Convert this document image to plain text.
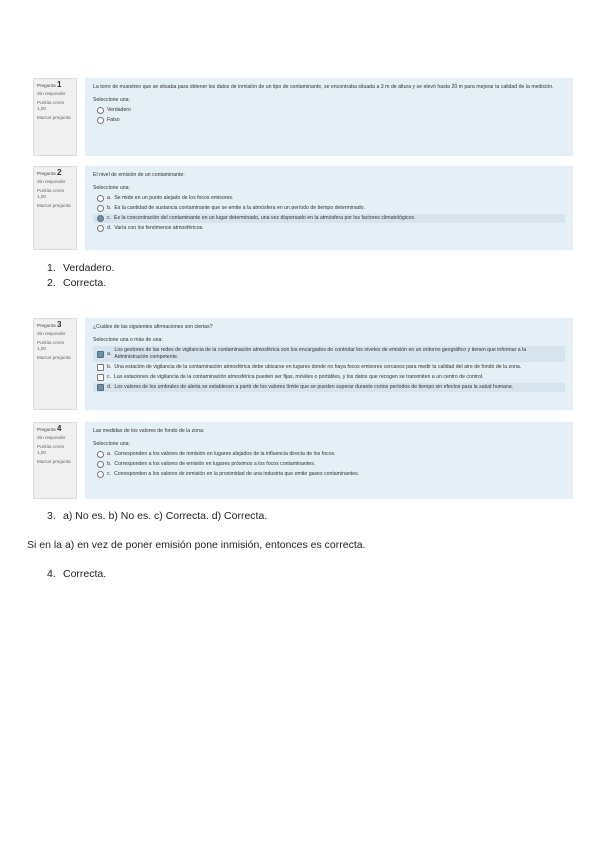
Pregunta 1
Sin responder
Puntúa como 1,00
Marcar pregunta
La torre de muestreo que se situaba para obtener los datos de inmisión de un tipo de contaminante, se encontraba situada a 3 m de altura y se elevó hasta 20 m para mejorar la calidad de la medición.
Seleccione una:
Verdadero
Falso
Pregunta 2
Sin responder
Puntúa como 1,00
Marcar pregunta
El nivel de emisión de un contaminante:
Seleccione una:
a. Se mide en un punto alejado de los focos emisores.
b. Es la cantidad de sustancia contaminante que se emite a la atmósfera en un período de tiempo determinado.
c. Es la concentración del contaminante en un lugar determinado, una vez dispersado en la atmósfera por los factores climatológicos.
d. Varía con los fenómenos atmosféricos.
1. Verdadero.
2. Correcta.
Pregunta 3
Sin responder
Puntúa como 1,00
Marcar pregunta
¿Cuáles de las siguientes afirmaciones son ciertas?
Seleccione una o más de una:
a.
Los gestores de las redes de vigilancia de la contaminación atmosférica son los encargados de controlar los niveles de emisión en un entorno geográfico y tienen que informar a la Administración competente.
b. Una estación de vigilancia de la contaminación atmosférica debe ubicarse en lugares donde no haya focos emisores cercanos para medir la calidad del aire de fondo de la zona.
c. Las estaciones de vigilancia de la contaminación atmosférica pueden ser fijas, móviles o portátiles, y los datos que recogen se transmiten a un centro de control.
d. Los valores de los umbrales de alerta se establecen a partir de los valores límite que se pueden superar durante cortos períodos de tiempo sin efectos para la salud humana.
Pregunta 4
Sin responder
Puntúa como 1,00
Marcar pregunta
Las medidas de los valores de fondo de la zona:
Seleccione una:
a. Corresponden a los valores de inmisión en lugares alejados de la influencia directa de los focos.
b. Corresponden a los valores de emisión en lugares próximos a los focos contaminantes.
c. Corresponden a los valores de inmisión en la proximidad de una industria que emite gases contaminantes.
3. a) No es. b) No es. c) Correcta. d) Correcta.
Si en la a) en vez de poner emisión pone inmisión, entonces es correcta.
4. Correcta.
